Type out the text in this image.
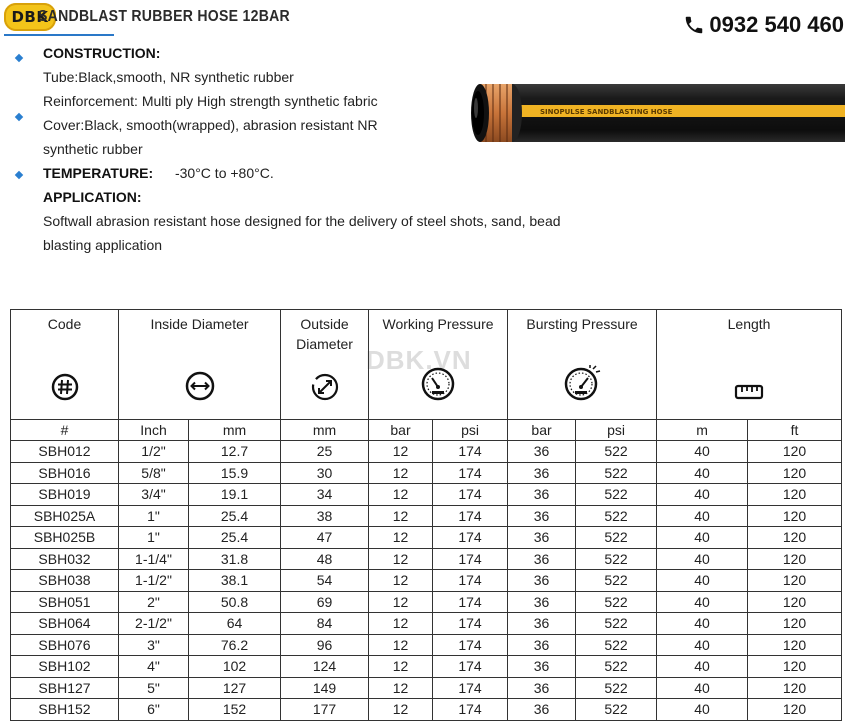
DBK
SANDBLAST RUBBER HOSE 12BAR	0932 540 460
CONSTRUCTION:
Tube:Black,smooth, NR synthetic rubber
Reinforcement: Multi ply High strength synthetic fabric
Cover:Black, smooth(wrapped), abrasion resistant NR
synthetic rubber
TEMPERATURE: -30°C to +80°C.
APPLICATION:
Softwall abrasion resistant hose designed for the delivery of steel shots, sand, bead
blasting application
SINOPULSE SANDBLASTING HOSE
DBK.VN
Code	Inside Diameter		Outside
Diameter	Working Pressure		Bursting Pressure		Length	

#	Inch	mm	mm	bar	psi	bar	psi	m	ft
SBH012	1/2"	12.7	25	12	174	36	522	40	120
SBH016	5/8"	15.9	30	12	174	36	522	40	120
SBH019	3/4"	19.1	34	12	174	36	522	40	120
SBH025A	1"	25.4	38	12	174	36	522	40	120
SBH025B	1"	25.4	47	12	174	36	522	40	120
SBH032	1-1/4"	31.8	48	12	174	36	522	40	120
SBH038	1-1/2"	38.1	54	12	174	36	522	40	120
SBH051	2"	50.8	69	12	174	36	522	40	120
SBH064	2-1/2"	64	84	12	174	36	522	40	120
SBH076	3"	76.2	96	12	174	36	522	40	120
SBH102	4"	102	124	12	174	36	522	40	120
SBH127	5"	127	149	12	174	36	522	40	120
SBH152	6"	152	177	12	174	36	522	40	120
